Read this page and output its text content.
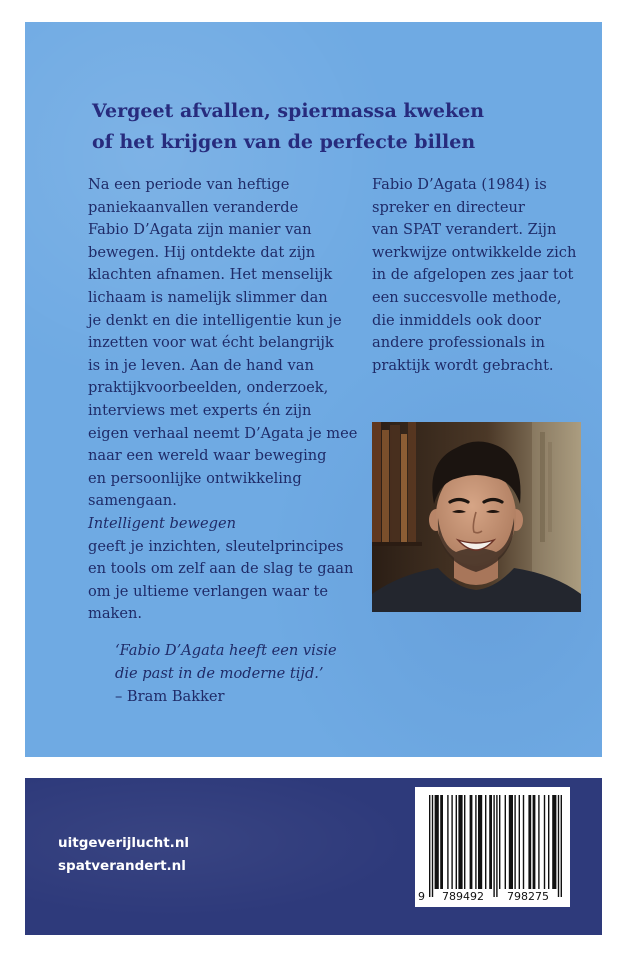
Vergeet afvallen, spiermassa kweken
of het krijgen van de perfecte billen
Na een periode van heftige
paniekaanvallen veranderde
Fabio D’Agata zijn manier van
bewegen. Hij ontdekte dat zijn
klachten afnamen. Het menselijk
lichaam is namelijk slimmer dan
je denkt en die intelligentie kun je
inzetten voor wat écht belangrijk
is in je leven. Aan de hand van
praktijkvoorbeelden, onderzoek,
interviews met experts én zijn
eigen verhaal neemt D’Agata je mee
naar een wereld waar beweging
en persoonlijke ontwikkeling
samengaan.
Intelligent bewegen
geeft je inzichten, sleutelprincipes
en tools om zelf aan de slag te gaan
om je ultieme verlangen waar te
maken.
Fabio D’Agata (1984) is
spreker en directeur
van SPAT verandert. Zijn
werkwijze ontwikkelde zich
in de afgelopen zes jaar tot
een succesvolle methode,
die inmiddels ook door
andere professionals in
praktijk wordt gebracht.
‘Fabio D’Agata heeft een visie
die past in de moderne tijd.’
– Bram Bakker
uitgeverijlucht.nl
spatverandert.nl
9 789492 798275
